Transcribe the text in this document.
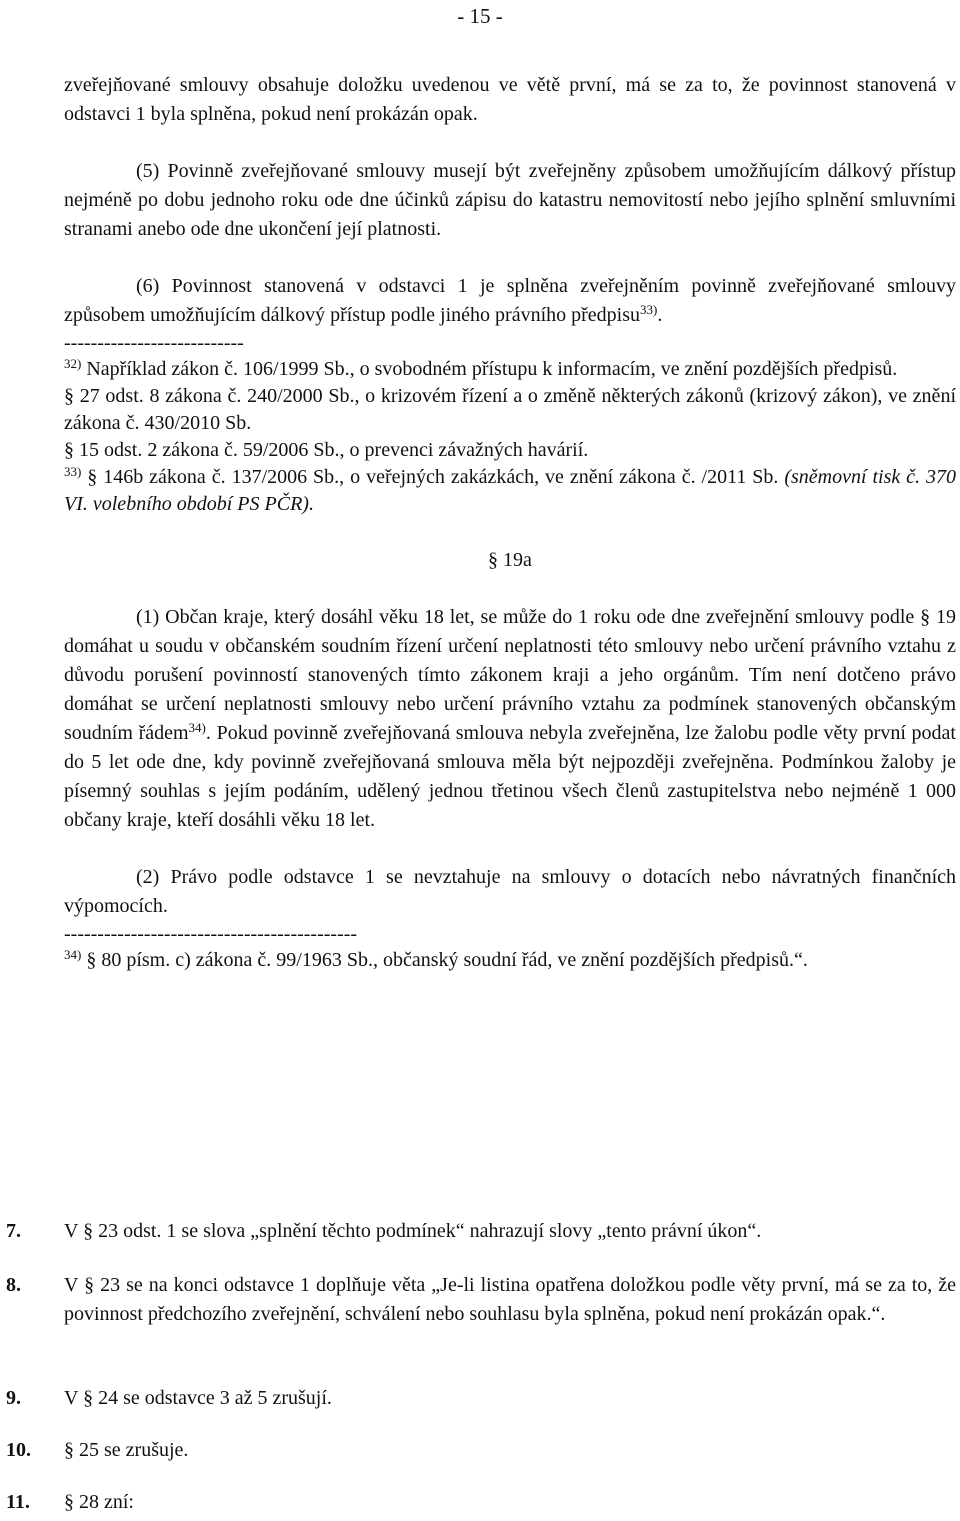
- 15 -

zveřejňované smlouvy obsahuje doložku uvedenou ve větě první, má se za to, že povinnost stanovená v odstavci 1 byla splněna, pokud není prokázán opak.

(5) Povinně zveřejňované smlouvy musejí být zveřejněny způsobem umožňujícím dálkový přístup nejméně po dobu jednoho roku ode dne účinků zápisu do katastru nemovitostí nebo jejího splnění smluvními stranami anebo ode dne ukončení její platnosti.

(6) Povinnost stanovená v odstavci 1 je splněna zveřejněním povinně zveřejňované smlouvy způsobem umožňujícím dálkový přístup podle jiného právního předpisu$^{33)}$.

---------------------------

$^{32)}$ Například zákon č. 106/1999 Sb., o svobodném přístupu k informacím, ve znění pozdějších předpisů.

§ 27 odst. 8 zákona č. 240/2000 Sb., o krizovém řízení a o změně některých zákonů (krizový zákon), ve znění zákona č. 430/2010 Sb.

§ 15 odst. 2 zákona č. 59/2006 Sb., o prevenci závažných havárií.

$^{33)}$ § 146b zákona č. 137/2006 Sb., o veřejných zakázkách, ve znění zákona č. /2011 Sb. (sněmovní tisk č. 370 VI. volebního období PS PČR).

§ 19a

(1) Občan kraje, který dosáhl věku 18 let, se může do 1 roku ode dne zveřejnění smlouvy podle § 19 domáhat u soudu v občanském soudním řízení určení neplatnosti této smlouvy nebo určení právního vztahu z důvodu porušení povinností stanovených tímto zákonem kraji a jeho orgánům. Tím není dotčeno právo domáhat se určení neplatnosti smlouvy nebo určení právního vztahu za podmínek stanovených občanským soudním řádem$^{34)}$. Pokud povinně zveřejňovaná smlouva nebyla zveřejněna, lze žalobu podle věty první podat do 5 let ode dne, kdy povinně zveřejňovaná smlouva měla být nejpozději zveřejněna. Podmínkou žaloby je písemný souhlas s jejím podáním, udělený jednou třetinou všech členů zastupitelstva nebo nejméně 1 000 občany kraje, kteří dosáhli věku 18 let.

(2) Právo podle odstavce 1 se nevztahuje na smlouvy o dotacích nebo návratných finančních výpomocích.

--------------------------------------------

$^{34)}$ § 80 písm. c) zákona č. 99/1963 Sb., občanský soudní řád, ve znění pozdějších předpisů.“.

7. V § 23 odst. 1 se slova „splnění těchto podmínek“ nahrazují slovy „tento právní úkon“.
8. V § 23 se na konci odstavce 1 doplňuje věta „Je-li listina opatřena doložkou podle věty první, má se za to, že povinnost předchozího zveřejnění, schválení nebo souhlasu byla splněna, pokud není prokázán opak.“.
9. V § 24 se odstavce 3 až 5 zrušují.
10. § 25 se zrušuje.
11. § 28 zní:
